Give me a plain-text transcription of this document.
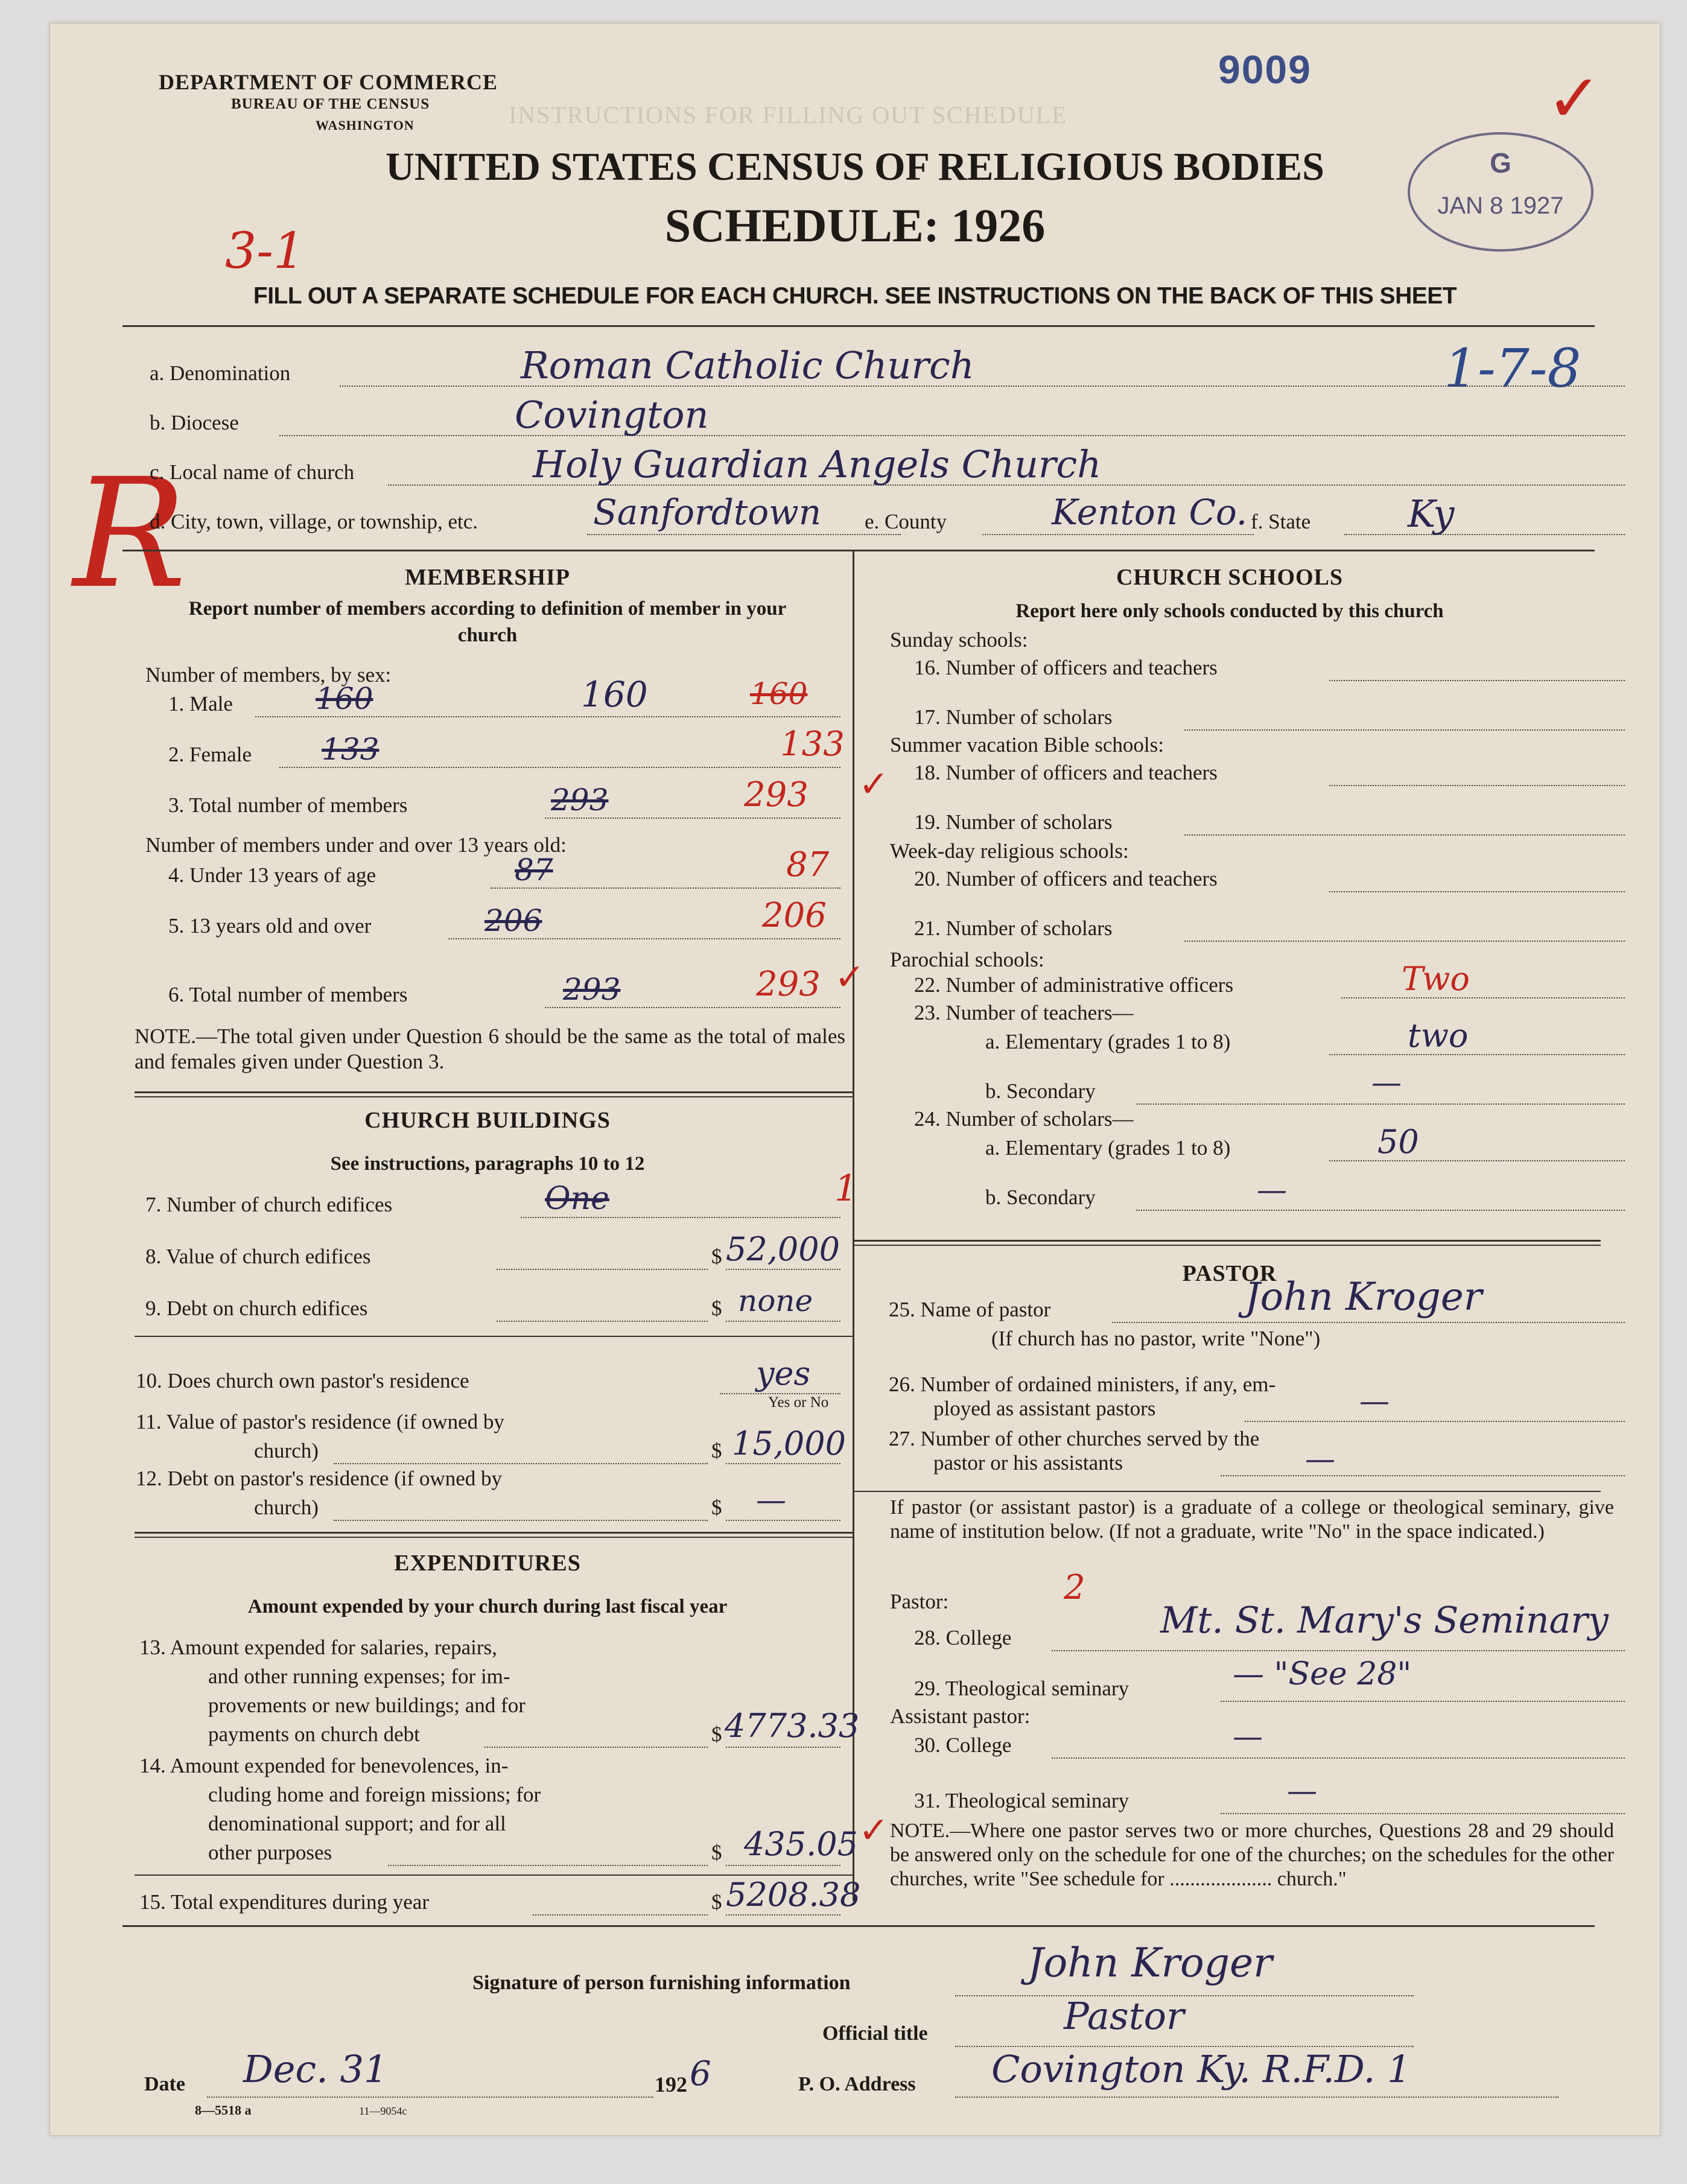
INSTRUCTIONS FOR FILLING OUT SCHEDULE
DEPARTMENT OF COMMERCE
BUREAU OF THE CENSUS
WASHINGTON
9009	✓
UNITED STATES CENSUS OF RELIGIOUS BODIES
SCHEDULE: 1926
3-1
G
JAN 8 1927
1-7-8
FILL OUT A SEPARATE SCHEDULE FOR EACH CHURCH. SEE INSTRUCTIONS ON THE BACK OF THIS SHEET
R
a. Denomination	Roman Catholic Church
b. Diocese	Covington
c. Local name of church	Holy Guardian Angels Church
d. City, town, village, or township, etc.	Sanfordtown e. County	Kenton Co. f. State	Ky
MEMBERSHIP
Report number of members according to definition of member in your church
Number of members, by sex:
1. Male	160	160	160
2. Female 133	133
3. Total number of members	293	293 ✓
Number of members under and over 13 years old:
4. Under 13 years of age	87	87
5. 13 years old and over	206	206
6. Total number of members	293	293 ✓
NOTE.—The total given under Question 6 should be the same as the total of males and females given under Question 3.
CHURCH BUILDINGS
See instructions, paragraphs 10 to 12
7. Number of church edifices	One	1
8. Value of church edifices	$ 52,000
9. Debt on church edifices	$ none
10. Does church own pastor's residence	yes
Yes or No
11. Value of pastor's residence (if owned by
church)	$ 15,000
12. Debt on pastor's residence (if owned by
church)	$ —
EXPENDITURES
Amount expended by your church during last fiscal year
13. Amount expended for salaries, repairs,
and other running expenses; for im-
provements or new buildings; and for
payments on church debt	$ 4773.33
14. Amount expended for benevolences, in-
cluding home and foreign missions; for
denominational support; and for all
other purposes	$ 435.05 ✓
15. Total expenditures during year	$ 5208.38
CHURCH SCHOOLS
Report here only schools conducted by this church
Sunday schools:
16. Number of officers and teachers
17. Number of scholars
Summer vacation Bible schools:
18. Number of officers and teachers
19. Number of scholars
Week-day religious schools:
20. Number of officers and teachers
21. Number of scholars
Parochial schools:
22. Number of administrative officers	Two
23. Number of teachers—
a. Elementary (grades 1 to 8)	two
b. Secondary	—
24. Number of scholars—
a. Elementary (grades 1 to 8)	50
b. Secondary	—
PASTOR
25. Name of pastor	John Kroger
(If church has no pastor, write "None")
26. Number of ordained ministers, if any, em-
ployed as assistant pastors	—
27. Number of other churches served by the
pastor or his assistants	—
If pastor (or assistant pastor) is a graduate of a college or theological seminary, give name of institution below. (If not a graduate, write "No" in the space indicated.)
Pastor:	2
28. College	Mt. St. Mary's Seminary
29. Theological seminary	— "See 28"
Assistant pastor:
30. College	—
31. Theological seminary	—
NOTE.—Where one pastor serves two or more churches, Questions 28 and 29 should be answered only on the schedule for one of the churches; on the schedules for the other churches, write "See schedule for .................... church."
Signature of person furnishing information	John Kroger
Official title	Pastor
Date Dec. 31	192 6	P. O. Address Covington Ky. R.F.D. 1
8—5518 a	11—9054c
